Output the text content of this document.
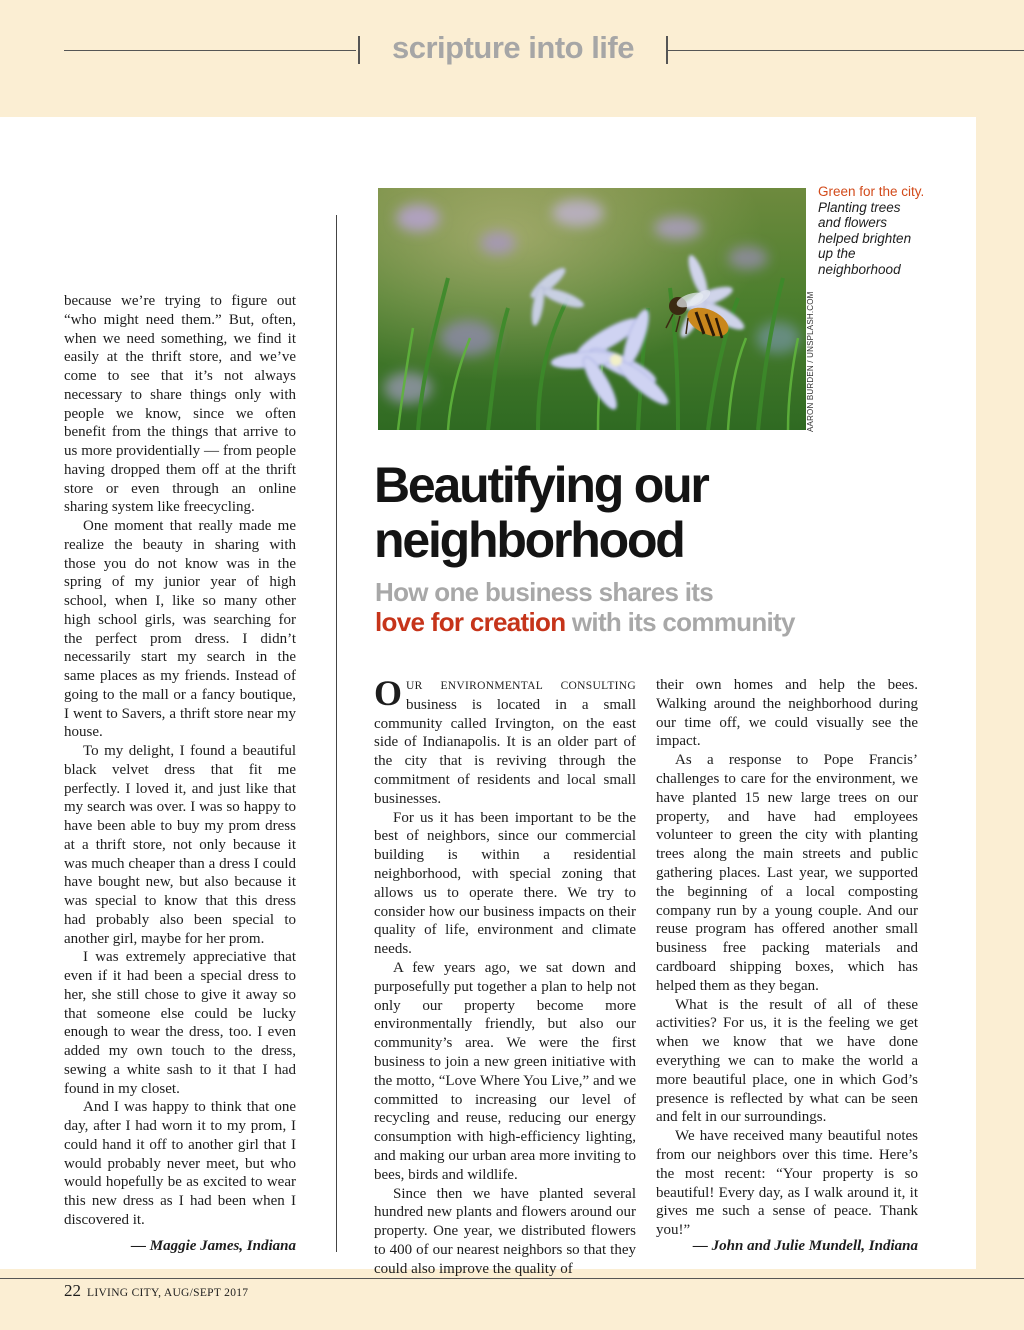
scripture into life

because we’re trying to figure out “who might need them.” But, often, when we need something, we find it easily at the thrift store, and we’ve come to see that it’s not always necessary to share things only with people we know, since we often benefit from the things that arrive to us more providentially — from people having dropped them off at the thrift store or even through an online sharing system like freecycling.

One moment that really made me realize the beauty in sharing with those you do not know was in the spring of my junior year of high school, when I, like so many other high school girls, was searching for the perfect prom dress. I didn’t necessarily start my search in the same places as my friends. Instead of going to the mall or a fancy boutique, I went to Savers, a thrift store near my house.

To my delight, I found a beautiful black velvet dress that fit me perfectly. I loved it, and just like that my search was over. I was so happy to have been able to buy my prom dress at a thrift store, not only because it was much cheaper than a dress I could have bought new, but also because it was special to know that this dress had probably also been special to another girl, maybe for her prom.

I was extremely appreciative that even if it had been a special dress to her, she still chose to give it away so that someone else could be lucky enough to wear the dress, too. I even added my own touch to the dress, sewing a white sash to it that I had found in my closet.

And I was happy to think that one day, after I had worn it to my prom, I could hand it off to another girl that I would probably never meet, but who would hopefully be as excited to wear this new dress as I had been when I discovered it.

— Maggie James, Indiana
AARON BURDEN / UNSPLASH.COM
Green for the city. Planting trees and flowers helped brighten up the neighborhood
Beautifying our neighborhood
How one business shares its
love for creation with its community

OUR ENVIRONMENTAL CONSULTING business is located in a small community called Irvington, on the east side of Indianapolis. It is an older part of the city that is reviving through the commitment of residents and local small businesses.

For us it has been important to be the best of neighbors, since our commercial building is within a residential neighborhood, with special zoning that allows us to operate there. We try to consider how our business impacts on their quality of life, environment and climate needs.

A few years ago, we sat down and purposefully put together a plan to help not only our property become more environmentally friendly, but also our community’s area. We were the first business to join a new green initiative with the motto, “Love Where You Live,” and we committed to increasing our level of recycling and reuse, reducing our energy consumption with high-efficiency lighting, and making our urban area more inviting to bees, birds and wildlife.

Since then we have planted several hundred new plants and flowers around our property. One year, we distributed flowers to 400 of our nearest neighbors so that they could also improve the quality of

their own homes and help the bees. Walking around the neighborhood during our time off, we could visually see the impact.

As a response to Pope Francis’ challenges to care for the environment, we have planted 15 new large trees on our property, and have had employees volunteer to green the city with planting trees along the main streets and public gathering places. Last year, we supported the beginning of a local composting company run by a young couple. And our reuse program has offered another small business free packing materials and cardboard shipping boxes, which has helped them as they began.

What is the result of all of these activities? For us, it is the feeling we get when we know that we have done everything we can to make the world a more beautiful place, one in which God’s presence is reflected by what can be seen and felt in our surroundings.

We have received many beautiful notes from our neighbors over this time. Here’s the most recent: “Your property is so beautiful! Every day, as I walk around it, it gives me such a sense of peace. Thank you!”

— John and Julie Mundell, Indiana
22 LIVING CITY, AUG/SEPT 2017
